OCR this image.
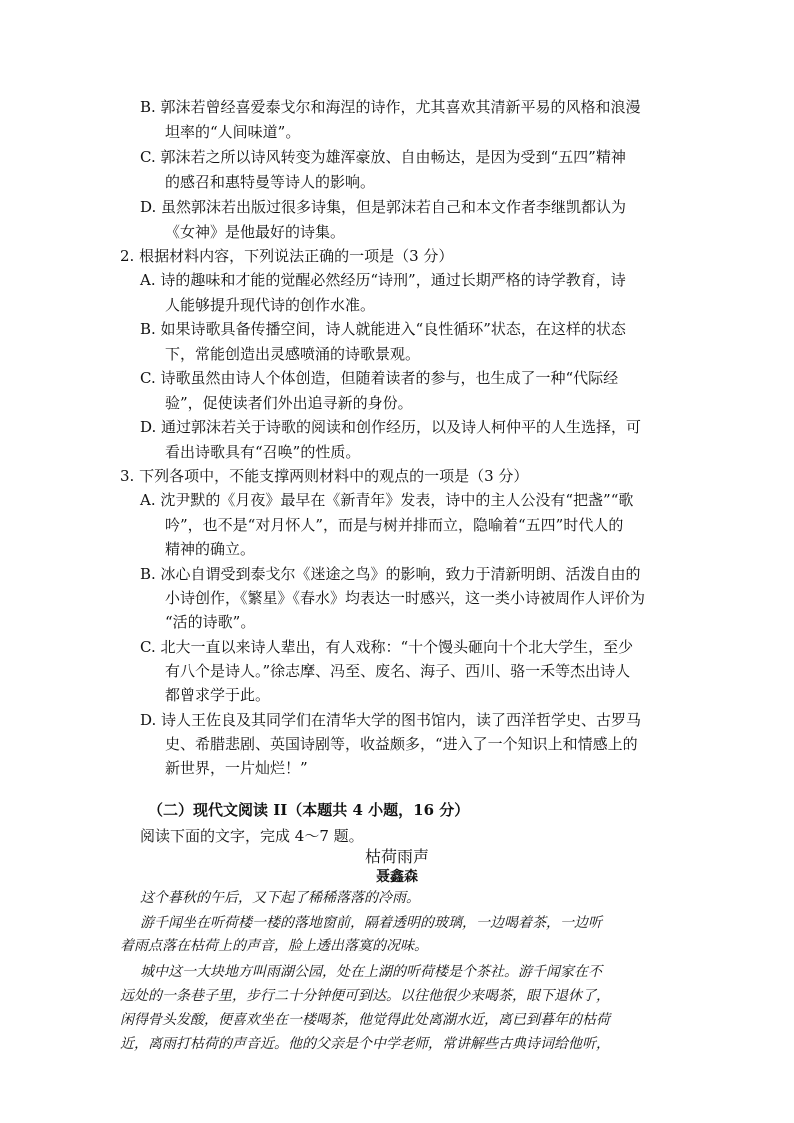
B. 郭沫若曾经喜爱泰戈尔和海涅的诗作，尤其喜欢其清新平易的风格和浪漫
坦率的“人间味道”。
C. 郭沫若之所以诗风转变为雄浑豪放、自由畅达，是因为受到“五四”精神
的感召和惠特曼等诗人的影响。
D. 虽然郭沫若出版过很多诗集，但是郭沫若自己和本文作者李继凯都认为
《女神》是他最好的诗集。
2. 根据材料内容，下列说法正确的一项是（3 分）
A. 诗的趣味和才能的觉醒必然经历“诗刑”，通过长期严格的诗学教育，诗
人能够提升现代诗的创作水准。
B. 如果诗歌具备传播空间，诗人就能进入“良性循环”状态，在这样的状态
下，常能创造出灵感喷涌的诗歌景观。
C. 诗歌虽然由诗人个体创造，但随着读者的参与，也生成了一种“代际经
验”，促使读者们外出追寻新的身份。
D. 通过郭沫若关于诗歌的阅读和创作经历，以及诗人柯仲平的人生选择，可
看出诗歌具有“召唤”的性质。
3. 下列各项中，不能支撑两则材料中的观点的一项是（3 分）
A. 沈尹默的《月夜》最早在《新青年》发表，诗中的主人公没有“把盏”“歌
吟”，也不是“对月怀人”，而是与树并排而立，隐喻着“五四”时代人的
精神的确立。
B. 冰心自谓受到泰戈尔《迷途之鸟》的影响，致力于清新明朗、活泼自由的
小诗创作，《繁星》《春水》均表达一时感兴，这一类小诗被周作人评价为
“活的诗歌”。
C. 北大一直以来诗人辈出，有人戏称：“十个馒头砸向十个北大学生，至少
有八个是诗人。”徐志摩、冯至、废名、海子、西川、骆一禾等杰出诗人
都曾求学于此。
D. 诗人王佐良及其同学们在清华大学的图书馆内，读了西洋哲学史、古罗马
史、希腊悲剧、英国诗剧等，收益颇多，“进入了一个知识上和情感上的
新世界，一片灿烂！”
（二）现代文阅读 II（本题共 4 小题，16 分）
阅读下面的文字，完成 4～7 题。
枯荷雨声
聂鑫森
这个暮秋的午后，又下起了稀稀落落的冷雨。
游千闻坐在听荷楼一楼的落地窗前，隔着透明的玻璃，一边喝着茶，一边听
着雨点落在枯荷上的声音，脸上透出落寞的况味。
城中这一大块地方叫雨湖公园，处在上湖的听荷楼是个茶社。游千闻家在不
远处的一条巷子里，步行二十分钟便可到达。以往他很少来喝茶，眼下退休了，
闲得骨头发酸，便喜欢坐在一楼喝茶，他觉得此处离湖水近，离已到暮年的枯荷
近，离雨打枯荷的声音近。他的父亲是个中学老师，常讲解些古典诗词给他听，
